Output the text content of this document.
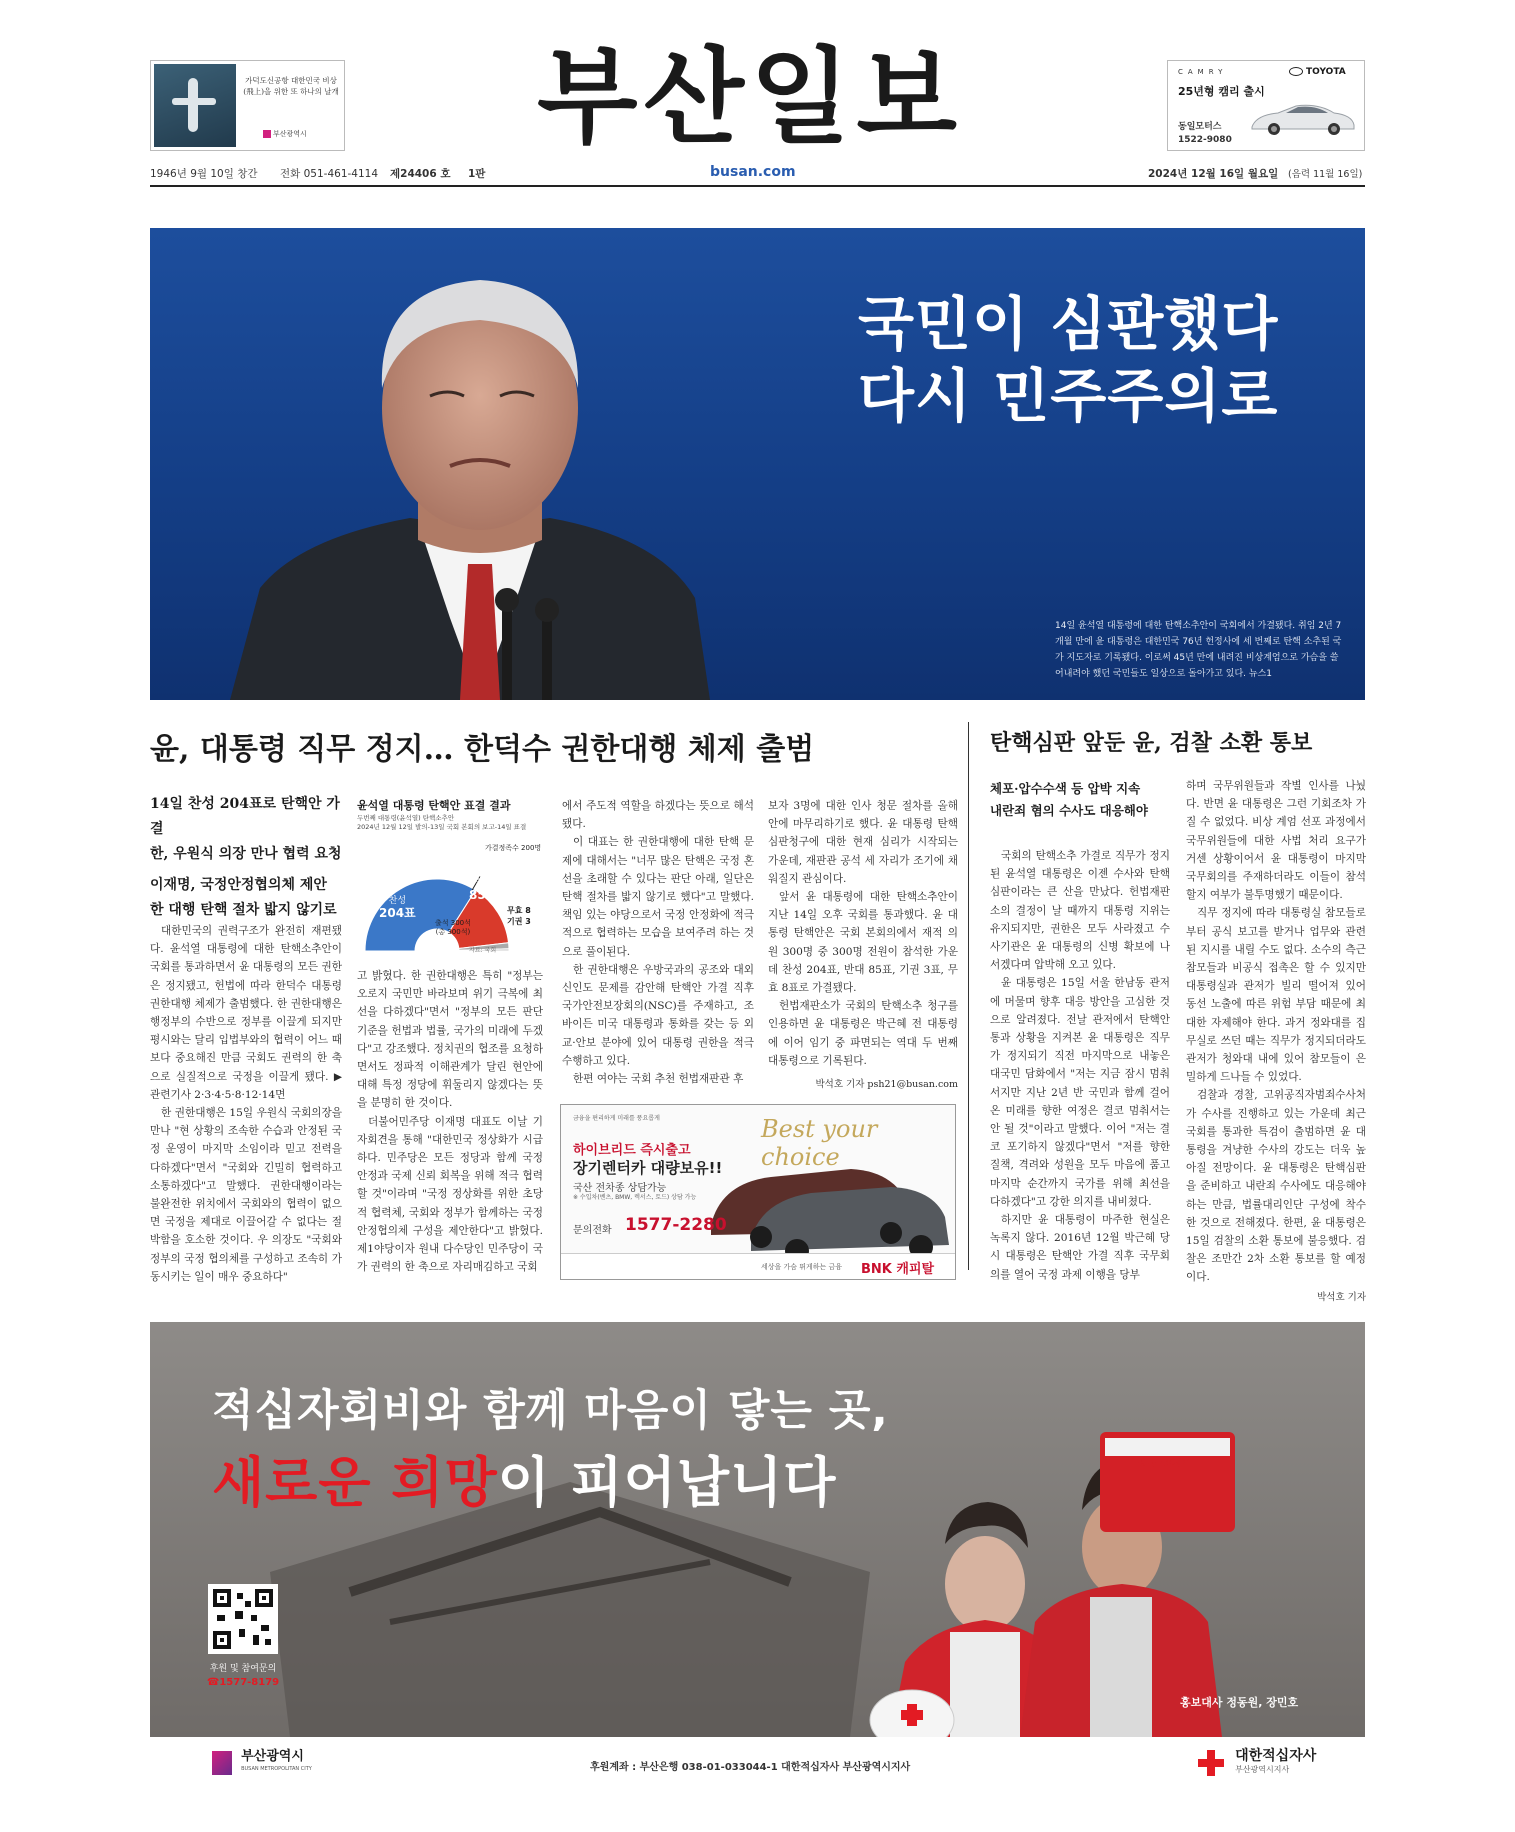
가덕도신공항 대한민국 비상(飛上)을 위한 또 하나의 날개
부산광역시 부산일보	CAMRY	TOYOTA
25년형 캠리 출시
동일모터스
1522-9080
1946년 9월 10일 창간 전화 051-461-4114 제24406 호 1판	busan.com	2024년 12월 16일 월요일 (음력 11월 16일)
국민이 심판했다
다시 민주주의로
14일 윤석열 대통령에 대한 탄핵소추안이 국회에서 가결됐다. 취임 2년 7개월 만에 윤 대통령은 대한민국 76년 헌정사에 세 번째로 탄핵 소추된 국가 지도자로 기록됐다. 이로써 45년 만에 내려진 비상계엄으로 가슴을 쓸어내려야 했던 국민들도 일상으로 돌아가고 있다. 뉴스1
윤, 대통령 직무 정지… 한덕수 권한대행 체제 출범	탄핵심판 앞둔 윤, 검찰 소환 통보
14일 찬성 204표로 탄핵안 가결
한, 우원식 의장 만나 협력 요청
이재명, 국정안정협의체 제안
한 대행 탄핵 절차 밟지 않기로

대한민국의 권력구조가 완전히 재편됐다. 윤석열 대통령에 대한 탄핵소추안이 국회를 통과하면서 윤 대통령의 모든 권한은 정지됐고, 헌법에 따라 한덕수 대통령 권한대행 체제가 출범했다. 한 권한대행은 행정부의 수반으로 정부를 이끌게 되지만 평시와는 달리 입법부와의 협력이 어느 때보다 중요해진 만큼 국회도 권력의 한 축으로 실질적으로 국정을 이끌게 됐다. ▶관련기사 2·3·4·5·8·12·14면

한 권한대행은 15일 우원식 국회의장을 만나 "현 상황의 조속한 수습과 안정된 국정 운영이 마지막 소임이라 믿고 전력을 다하겠다"면서 "국회와 긴밀히 협력하고 소통하겠다"고 말했다. 권한대행이라는 불완전한 위치에서 국회와의 협력이 없으면 국정을 제대로 이끌어갈 수 없다는 절박함을 호소한 것이다. 우 의장도 "국회와 정부의 국정 협의체를 구성하고 조속히 가동시키는 일이 매우 중요하다"

윤석열 대통령 탄핵안 표결 결과
두번째 대통령(윤석열) 탄핵소추안
2024년 12월 12일 발의-13일 국회 본회의 보고-14일 표결
가결정족수 200명
가결
찬성
204표
반대
85표
출석 300석
(총 300석)
무효 8
기권 3
자료: 국회

고 밝혔다. 한 권한대행은 특히 "정부는 오로지 국민만 바라보며 위기 극복에 최선을 다하겠다"면서 "정부의 모든 판단 기준을 헌법과 법률, 국가의 미래에 두겠다"고 강조했다. 정치권의 협조를 요청하면서도 정파적 이해관계가 달린 현안에 대해 특정 정당에 휘둘리지 않겠다는 뜻을 분명히 한 것이다.

더불어민주당 이재명 대표도 이날 기자회견을 통해 "대한민국 정상화가 시급하다. 민주당은 모든 정당과 함께 국정 안정과 국제 신뢰 회복을 위해 적극 협력할 것"이라며 "국정 정상화를 위한 초당적 협력체, 국회와 정부가 함께하는 국정안정협의체 구성을 제안한다"고 밝혔다. 제1야당이자 원내 다수당인 민주당이 국가 권력의 한 축으로 자리매김하고 국회

에서 주도적 역할을 하겠다는 뜻으로 해석됐다.

이 대표는 한 권한대행에 대한 탄핵 문제에 대해서는 "너무 많은 탄핵은 국정 혼선을 초래할 수 있다는 판단 아래, 일단은 탄핵 절차를 밟지 않기로 했다"고 말했다. 책임 있는 야당으로서 국정 안정화에 적극적으로 협력하는 모습을 보여주려 하는 것으로 풀이된다.

한 권한대행은 우방국과의 공조와 대외 신인도 문제를 감안해 탄핵안 가결 직후 국가안전보장회의(NSC)를 주재하고, 조 바이든 미국 대통령과 통화를 갖는 등 외교·안보 분야에 있어 대통령 권한을 적극 수행하고 있다.

한편 여야는 국회 추천 헌법재판관 후

보자 3명에 대한 인사 청문 절차를 올해 안에 마무리하기로 했다. 윤 대통령 탄핵심판청구에 대한 현재 심리가 시작되는 가운데, 재판관 공석 세 자리가 조기에 채워질지 관심이다.

앞서 윤 대통령에 대한 탄핵소추안이 지난 14일 오후 국회를 통과했다. 윤 대통령 탄핵안은 국회 본회의에서 재적 의원 300명 중 300명 전원이 참석한 가운데 찬성 204표, 반대 85표, 기권 3표, 무효 8표로 가결됐다.

헌법재판소가 국회의 탄핵소추 청구를 인용하면 윤 대통령은 박근혜 전 대통령에 이어 임기 중 파면되는 역대 두 번째 대통령으로 기록된다.

박석호 기자 psh21@busan.com
금융을 편리하게 미래를 풍요롭게	Best your choice
하이브리드 즉시출고
장기렌터카 대량보유!!
국산 전차종 상담가능
※ 수입차(벤츠, BMW, 렉서스, 토드) 상담 가능
문의전화 1577-2280
세상을 가슴 뛰게하는 금융 BNK 캐피탈
체포·압수수색 등 압박 지속
내란죄 혐의 수사도 대응해야

국회의 탄핵소추 가결로 직무가 정지된 윤석열 대통령은 이젠 수사와 탄핵심판이라는 큰 산을 만났다. 헌법재판소의 결정이 날 때까지 대통령 지위는 유지되지만, 권한은 모두 사라졌고 수사기관은 윤 대통령의 신병 확보에 나서겠다며 압박해 오고 있다.

윤 대통령은 15일 서울 한남동 관저에 머물며 향후 대응 방안을 고심한 것으로 알려졌다. 전날 관저에서 탄핵안 통과 상황을 지켜본 윤 대통령은 직무가 정지되기 직전 마지막으로 내놓은 대국민 담화에서 "저는 지금 잠시 멈춰서지만 지난 2년 반 국민과 함께 걸어온 미래를 향한 여정은 결코 멈춰서는 안 될 것"이라고 말했다. 이어 "저는 결코 포기하지 않겠다"면서 "저를 향한 질책, 격려와 성원을 모두 마음에 품고 마지막 순간까지 국가를 위해 최선을 다하겠다"고 강한 의지를 내비쳤다.

하지만 윤 대통령이 마주한 현실은 녹록지 않다. 2016년 12월 박근혜 당시 대통령은 탄핵안 가결 직후 국무회의를 열어 국정 과제 이행을 당부

하며 국무위원들과 작별 인사를 나눴다. 반면 윤 대통령은 그런 기회조차 가질 수 없었다. 비상 계엄 선포 과정에서 국무위원들에 대한 사법 처리 요구가 거센 상황이어서 윤 대통령이 마지막 국무회의를 주재하더라도 이들이 참석할지 여부가 불투명했기 때문이다.

직무 정지에 따라 대통령실 참모들로부터 공식 보고를 받거나 업무와 관련된 지시를 내릴 수도 없다. 소수의 측근 참모들과 비공식 접촉은 할 수 있지만 대통령실과 관저가 빌리 떨어져 있어 동선 노출에 따른 위험 부담 때문에 최대한 자제해야 한다. 과거 정와대를 집무실로 쓰던 때는 직무가 정지되더라도 관저가 청와대 내에 있어 참모들이 은밀하게 드나들 수 있었다.

검찰과 경찰, 고위공직자범죄수사처 가 수사를 진행하고 있는 가운데 최근 국회를 통과한 특검이 출범하면 윤 대통령을 겨냥한 수사의 강도는 더욱 높아질 전망이다. 윤 대통령은 탄핵심판을 준비하고 내란죄 수사에도 대응해야 하는 만큼, 법률대리인단 구성에 착수한 것으로 전해졌다. 한편, 윤 대통령은 15일 검찰의 소환 통보에 불응했다. 검찰은 조만간 2차 소환 통보를 할 예정이다.

박석호 기자
적십자회비와 함께 마음이 닿는 곳,
새로운 희망이 피어납니다	응급구호세트
후원 및 참여문의
☎1577-8179
홍보대사 정동원, 장민호

부산광역시
BUSAN METROPOLITAN CITY	후원계좌 : 부산은행 038-01-033044-1 대한적십자사 부산광역시지사

대한적십자사
부산광역시지사
